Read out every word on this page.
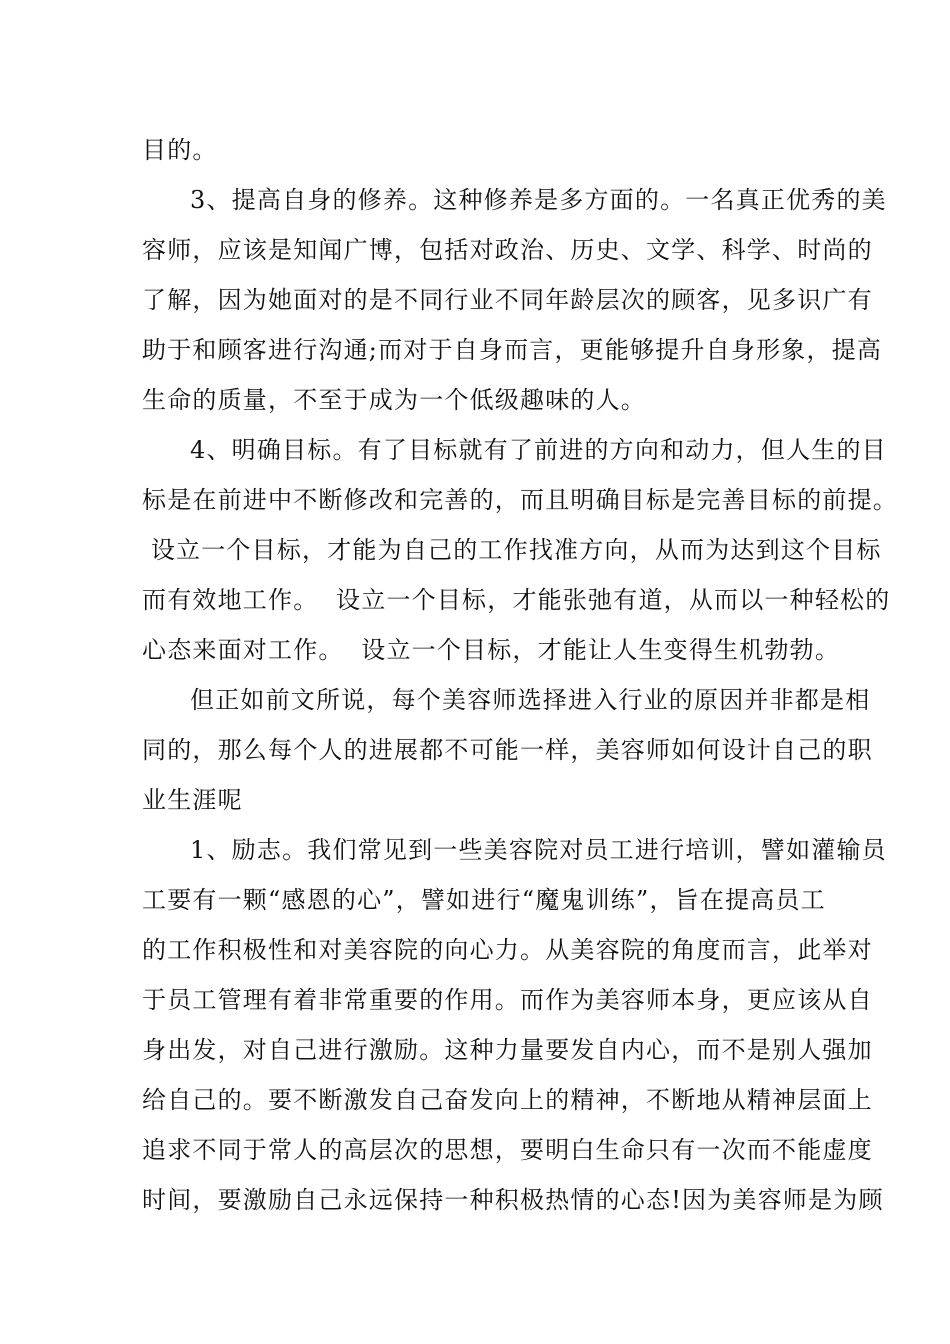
目的。
3、提高自身的修养。这种修养是多方面的。一名真正优秀的美
容师，应该是知闻广博，包括对政治、历史、文学、科学、时尚的
了解，因为她面对的是不同行业不同年龄层次的顾客，见多识广有
助于和顾客进行沟通;而对于自身而言，更能够提升自身形象，提高
生命的质量，不至于成为一个低级趣味的人。
4、明确目标。有了目标就有了前进的方向和动力，但人生的目
标是在前进中不断修改和完善的，而且明确目标是完善目标的前提。
设立一个目标，才能为自己的工作找准方向，从而为达到这个目标
而有效地工作。  设立一个目标，才能张弛有道，从而以一种轻松的
心态来面对工作。  设立一个目标，才能让人生变得生机勃勃。
但正如前文所说，每个美容师选择进入行业的原因并非都是相
同的，那么每个人的进展都不可能一样，美容师如何设计自己的职
业生涯呢
1、励志。我们常见到一些美容院对员工进行培训，譬如灌输员
工要有一颗“感恩的心”，譬如进行“魔鬼训练”，旨在提高员工
的工作积极性和对美容院的向心力。从美容院的角度而言，此举对
于员工管理有着非常重要的作用。而作为美容师本身，更应该从自
身出发，对自己进行激励。这种力量要发自内心，而不是别人强加
给自己的。要不断激发自己奋发向上的精神，不断地从精神层面上
追求不同于常人的高层次的思想，要明白生命只有一次而不能虚度
时间，要激励自己永远保持一种积极热情的心态!因为美容师是为顾
